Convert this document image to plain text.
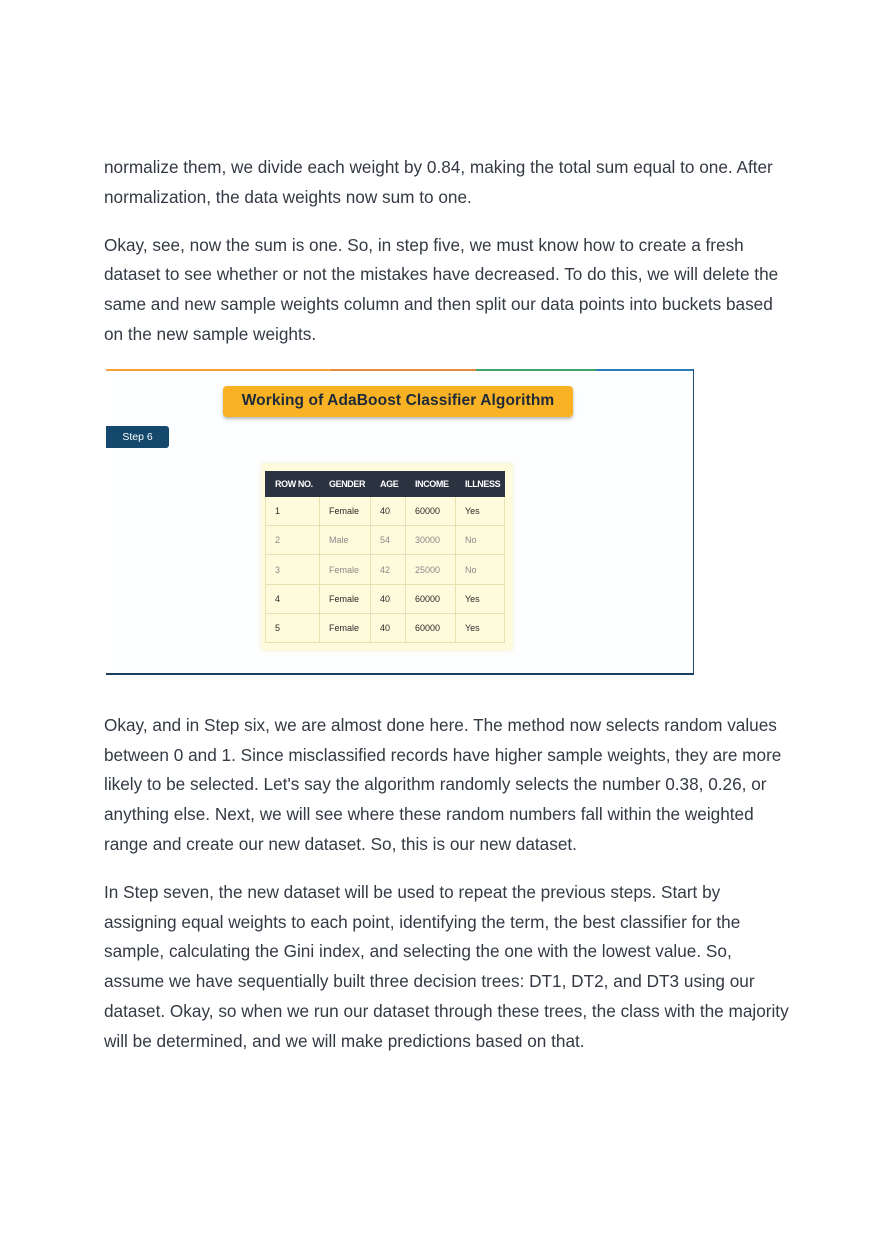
normalize them, we divide each weight by 0.84, making the total sum equal to one. After normalization, the data weights now sum to one.

Okay, see, now the sum is one. So, in step five, we must know how to create a fresh dataset to see whether or not the mistakes have decreased. To do this, we will delete the same and new sample weights column and then split our data points into buckets based on the new sample weights.

Working of AdaBoost Classifier Algorithm
Step 6
ROW NO.	GENDER	AGE	INCOME	ILLNESS
1	Female	40	60000	Yes
2	Male	54	30000	No
3	Female	42	25000	No
4	Female	40	60000	Yes
5	Female	40	60000	Yes

Okay, and in Step six, we are almost done here. The method now selects random values between 0 and 1. Since misclassified records have higher sample weights, they are more likely to be selected. Let's say the algorithm randomly selects the number 0.38, 0.26, or anything else. Next, we will see where these random numbers fall within the weighted range and create our new dataset. So, this is our new dataset.

In Step seven, the new dataset will be used to repeat the previous steps. Start by assigning equal weights to each point, identifying the term, the best classifier for the sample, calculating the Gini index, and selecting the one with the lowest value. So, assume we have sequentially built three decision trees: DT1, DT2, and DT3 using our dataset. Okay, so when we run our dataset through these trees, the class with the majority will be determined, and we will make predictions based on that.
